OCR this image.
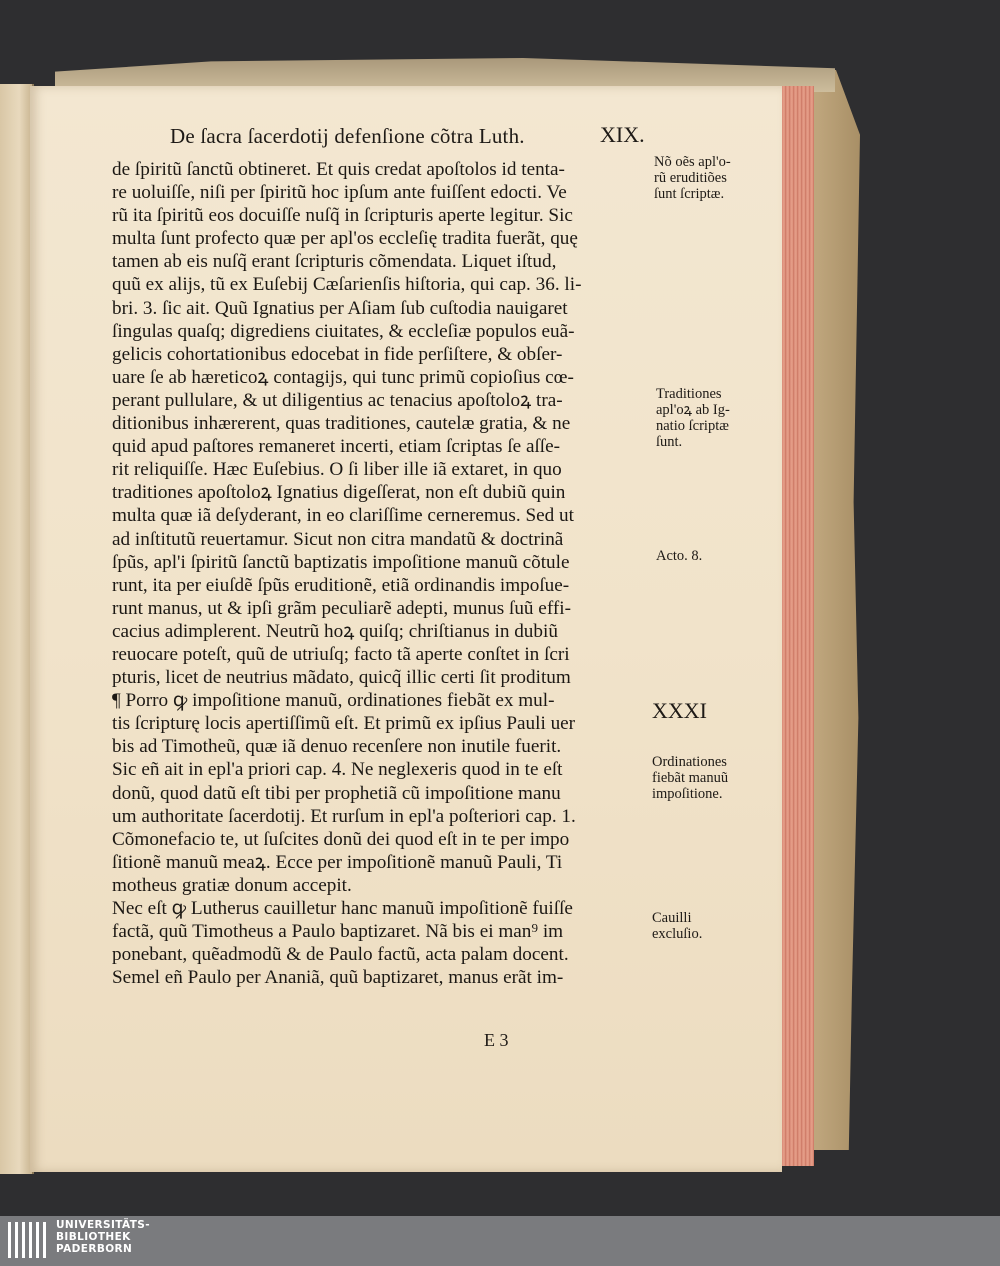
De ſacra ſacerdotij defenſione cõtra Luth.	XIX.
de ſpiritũ ſanctũ obtineret. Et quis credat apoſtolos id tenta-
re uoluiſſe, niſi per ſpiritũ hoc ipſum ante fuiſſent edocti. Ve
rũ ita ſpiritũ eos docuiſſe nuſq̃ in ſcripturis aperte legitur. Sic
multa ſunt profecto quæ per apl'os eccleſię tradita fuerãt, quę
tamen ab eis nuſq̃ erant ſcripturis cõmendata. Liquet iſtud,
quũ ex alijs, tũ ex Euſebij Cæſarienſis hiſtoria, qui cap. 36. li-
bri. 3. ſic ait. Quũ Ignatius per Aſiam ſub cuſtodia nauigaret
ſingulas quaſq; digrediens ciuitates, & eccleſiæ populos euã-
gelicis cohortationibus edocebat in fide perſiſtere, & obſer-
uare ſe ab hæreticoꝝ contagijs, qui tunc primũ copioſius cœ-
perant pullulare, & ut diligentius ac tenacius apoſtoloꝝ tra-
ditionibus inhærerent, quas traditiones, cautelæ gratia, & ne
quid apud paſtores remaneret incerti, etiam ſcriptas ſe aſſe-
rit reliquiſſe. Hæc Euſebius. O ſi liber ille iã extaret, in quo
traditiones apoſtoloꝝ Ignatius digeſſerat, non eſt dubiũ quin
multa quæ iã deſyderant, in eo clariſſime cerneremus. Sed ut
ad inſtitutũ reuertamur. Sicut non citra mandatũ & doctrinã
ſpũs, apl'i ſpiritũ ſanctũ baptizatis impoſitione manuũ cõtule
runt, ita per eiuſdẽ ſpũs eruditionẽ, etiã ordinandis impoſue-
runt manus, ut & ipſi grãm peculiarẽ adepti, munus ſuũ effi-
cacius adimplerent. Neutrũ hoꝝ quiſq; chriſtianus in dubiũ
reuocare poteſt, quũ de utriuſq; facto tã aperte conſtet in ſcri
pturis, licet de neutrius mãdato, quicq̃ illic certi ſit proditum
¶ Porro ꝙ impoſitione manuũ, ordinationes fiebãt ex mul-
tis ſcripturę locis apertiſſimũ eſt. Et primũ ex ipſius Pauli uer
bis ad Timotheũ, quæ iã denuo recenſere non inutile fuerit.
Sic eñ ait in epl'a priori cap. 4. Ne neglexeris quod in te eſt
donũ, quod datũ eſt tibi per prophetiã cũ impoſitione manu
um authoritate ſacerdotij. Et rurſum in epl'a poſteriori cap. 1.
Cõmonefacio te, ut ſuſcites donũ dei quod eſt in te per impo
ſitionẽ manuũ meaꝝ. Ecce per impoſitionẽ manuũ Pauli, Ti
motheus gratiæ donum accepit.
Nec eſt ꝙ Lutherus cauilletur hanc manuũ impoſitionẽ fuiſſe
factã, quũ Timotheus a Paulo baptizaret. Nã bis ei man⁹ im
ponebant, quẽadmodũ & de Paulo factũ, acta palam docent.
Semel eñ Paulo per Ananiã, quũ baptizaret, manus erãt im-
Nõ oẽs apl'o-
rũ eruditiões
ſunt ſcriptæ.
Traditiones
apl'oꝝ ab Ig-
natio ſcriptæ
ſunt.
Acto. 8.
Ordinationes
fiebãt manuũ
impoſitione.
Cauilli
excluſio.
XXXI
E 3
UNIVERSITÄTS-
BIBLIOTHEK
PADERBORN
